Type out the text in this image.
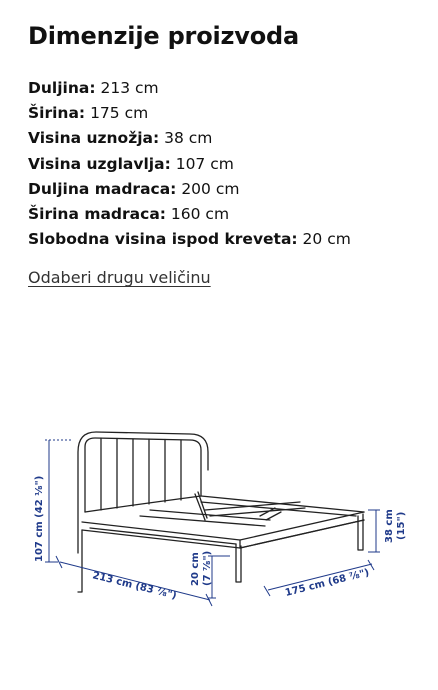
Dimenzije proizvoda
Duljina: 213 cm
Širina: 175 cm
Visina uznožja: 38 cm
Visina uzglavlja: 107 cm
Duljina madraca: 200 cm
Širina madraca: 160 cm
Slobodna visina ispod kreveta: 20 cm
Odaberi drugu veličinu
107 cm (42 ⅛")
213 cm (83 ⅞")
20 cm (7 ⅞")	175 cm (68 ⅞")
38 cm (15")
